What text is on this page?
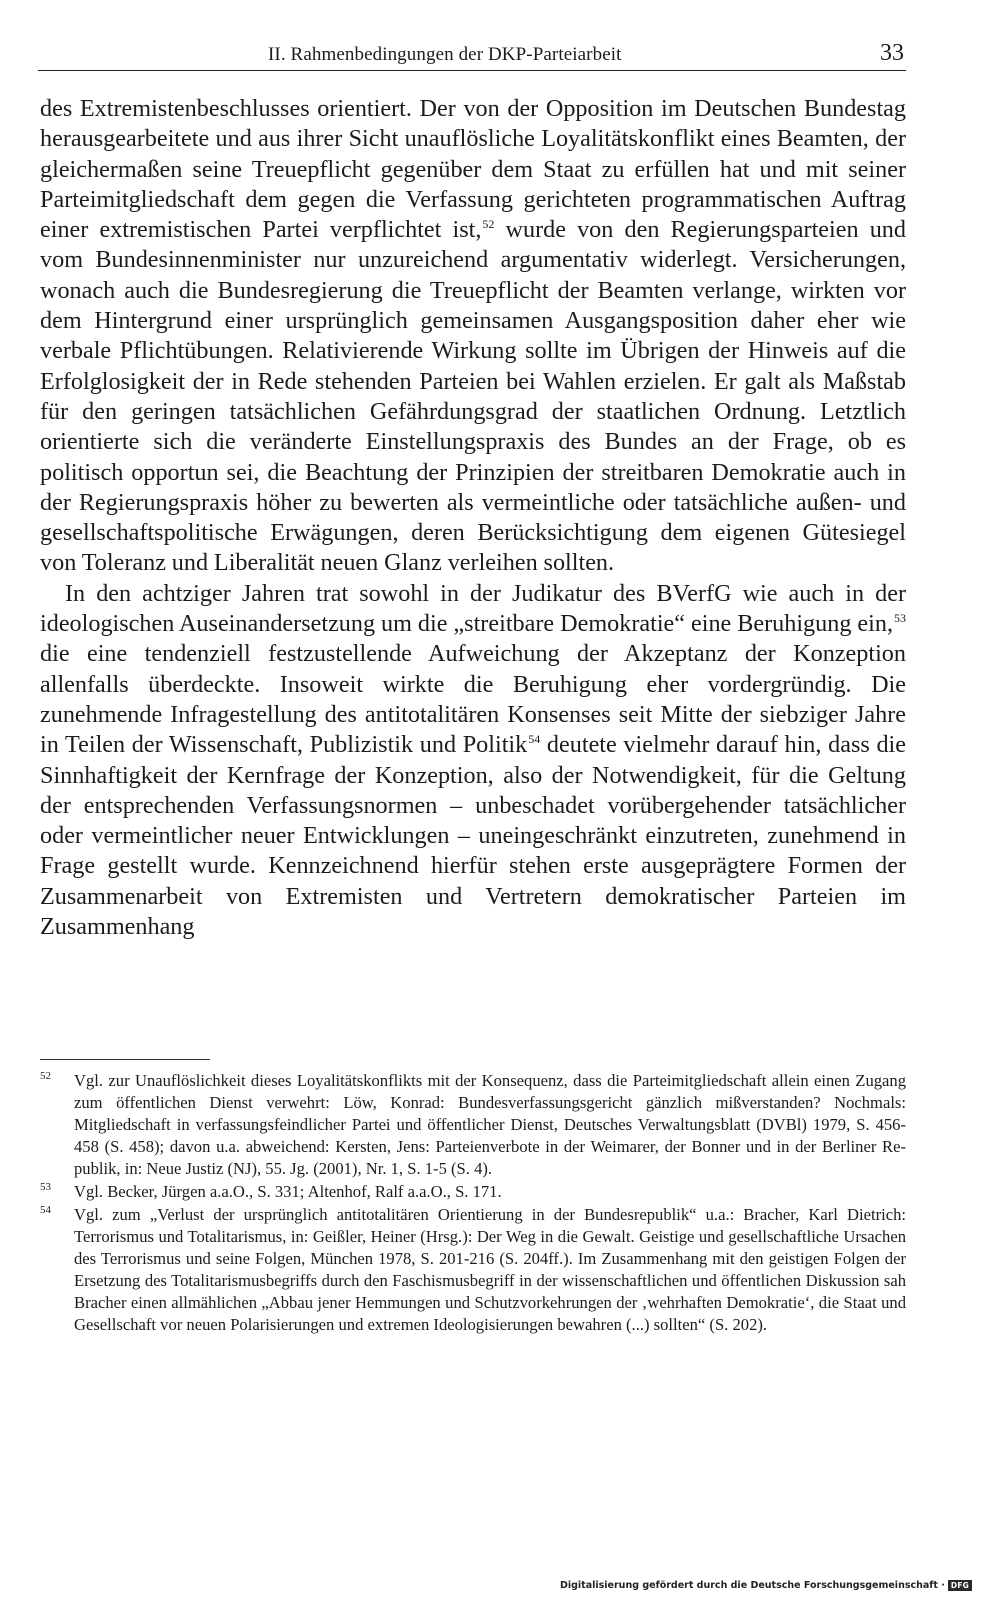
II. Rahmenbedingungen der DKP-Parteiarbeit	33

des Extremistenbeschlusses orientiert. Der von der Opposition im Deutschen Bundestag herausgearbeitete und aus ihrer Sicht unauflösliche Loyalitätskonflikt eines Beamten, der gleichermaßen seine Treuepflicht gegenüber dem Staat zu erfüllen hat und mit seiner Parteimitgliedschaft dem gegen die Verfassung gerichteten programmatischen Auftrag einer extremistischen Partei verpflichtet ist,$^{52}$ wurde von den Regierungsparteien und vom Bundesinnenminister nur unzureichend argumentativ widerlegt. Versicherungen, wonach auch die Bundesregierung die Treuepflicht der Beamten verlange, wirkten vor dem Hintergrund einer ursprünglich gemeinsamen Ausgangsposition daher eher wie verbale Pflichtübungen. Relativierende Wirkung sollte im Übrigen der Hinweis auf die Erfolglosigkeit der in Rede stehenden Parteien bei Wahlen erzielen. Er galt als Maßstab für den geringen tatsächlichen Gefährdungsgrad der staatlichen Ordnung. Letztlich orientierte sich die veränderte Einstellungspraxis des Bundes an der Frage, ob es politisch opportun sei, die Beachtung der Prinzipien der streitbaren Demokratie auch in der Regierungspraxis höher zu bewerten als vermeintliche oder tatsächliche außen- und gesellschaftspolitische Erwägungen, deren Berücksichtigung dem eigenen Gütesiegel von Toleranz und Liberalität neuen Glanz verleihen sollten.

In den achtziger Jahren trat sowohl in der Judikatur des BVerfG wie auch in der ideologischen Auseinandersetzung um die „streitbare Demokratie“ eine Beruhigung ein,$^{53}$ die eine tendenziell festzustellende Aufweichung der Akzeptanz der Konzeption allenfalls überdeckte. Insoweit wirkte die Beruhigung eher vordergründig. Die zunehmende Infragestellung des antitotalitären Konsenses seit Mitte der siebziger Jahre in Teilen der Wissenschaft, Publizistik und Politik$^{54}$ deutete vielmehr darauf hin, dass die Sinnhaftigkeit der Kernfrage der Konzeption, also der Notwendigkeit, für die Geltung der entsprechenden Verfassungsnormen – unbeschadet vorübergehender tatsächlicher oder vermeintlicher neuer Entwicklungen – uneingeschränkt einzutreten, zunehmend in Frage gestellt wurde. Kennzeichnend hierfür stehen erste ausgeprägtere Formen der Zusammenarbeit von Extremisten und Vertretern demokratischer Parteien im Zusammenhang

52 Vgl. zur Unauflöslichkeit dieses Loyalitätskonflikts mit der Konsequenz, dass die Parteimitgliedschaft allein einen Zugang zum öffentlichen Dienst verwehrt: Löw, Konrad: Bundesverfassungsgericht gänzlich mißverstanden? Nochmals: Mitgliedschaft in verfassungsfeindlicher Partei und öffentlicher Dienst, Deutsches Verwaltungsblatt (DVBl) 1979, S. 456-458 (S. 458); davon u.a. abweichend: Kersten, Jens: Parteienverbote in der Weimarer, der Bonner und in der Berliner Republik, in: Neue Justiz (NJ), 55. Jg. (2001), Nr. 1, S. 1-5 (S. 4).
53 Vgl. Becker, Jürgen a.a.O., S. 331; Altenhof, Ralf a.a.O., S. 171.
54 Vgl. zum „Verlust der ursprünglich antitotalitären Orientierung in der Bundesrepublik“ u.a.: Bracher, Karl Dietrich: Terrorismus und Totalitarismus, in: Geißler, Heiner (Hrsg.): Der Weg in die Gewalt. Geistige und gesellschaftliche Ursachen des Terrorismus und seine Folgen, München 1978, S. 201-216 (S. 204ff.). Im Zusammenhang mit den geistigen Folgen der Ersetzung des Totalitarismusbegriffs durch den Faschismusbegriff in der wissenschaftlichen und öffentlichen Diskussion sah Bracher einen allmählichen „Abbau jener Hemmungen und Schutzvorkehrungen der ‚wehrhaften Demokratie‘, die Staat und Gesellschaft vor neuen Polarisierungen und extremen Ideologisierungen bewahren (...) sollten“ (S. 202).
Digitalisierung gefördert durch die Deutsche Forschungsgemeinschaft · DFG
